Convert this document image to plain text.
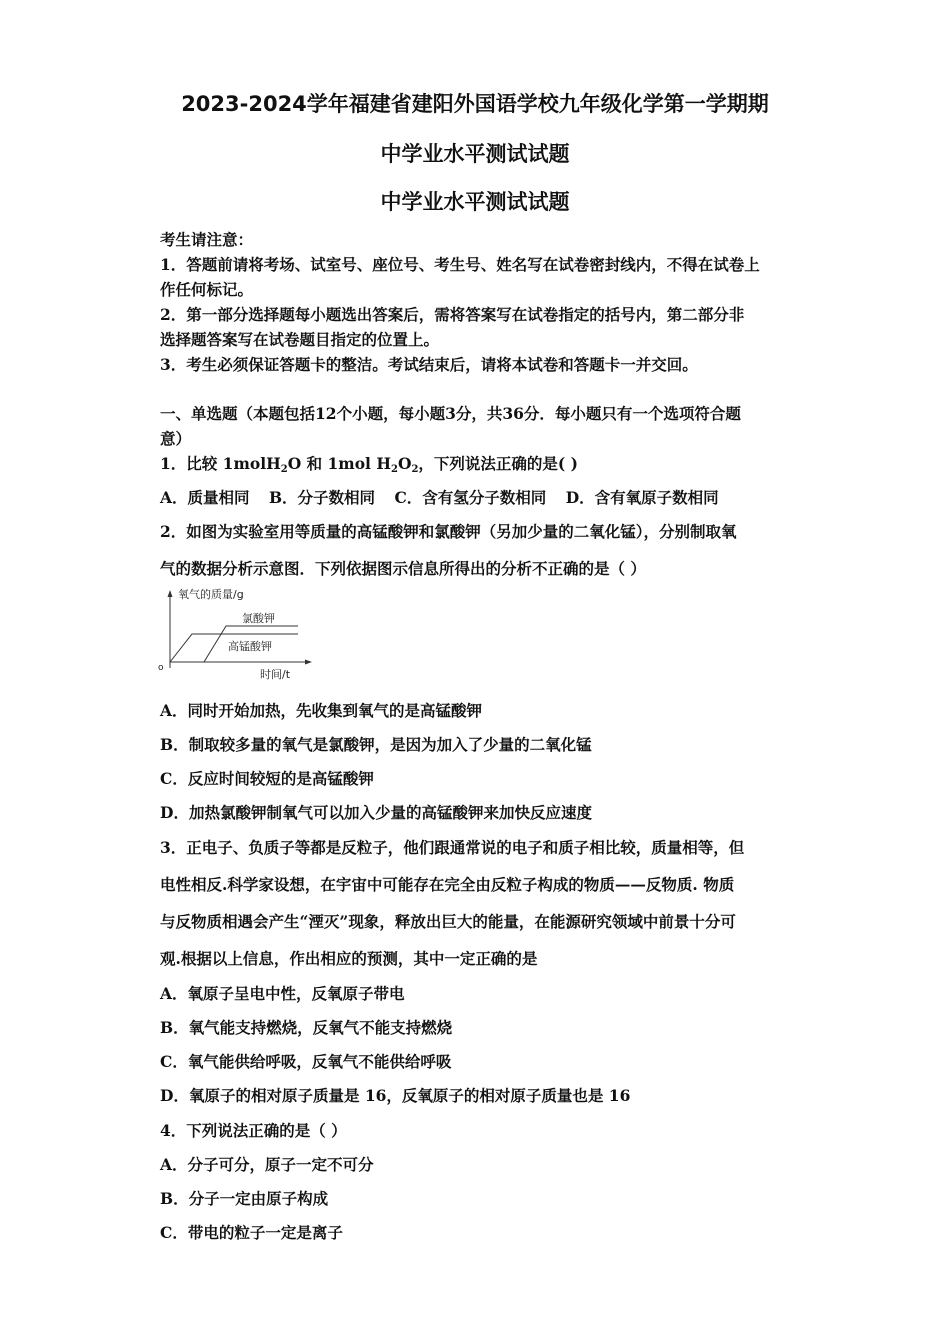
2023-2024学年福建省建阳外国语学校九年级化学第一学期期
中学业水平测试试题
中学业水平测试试题
考生请注意：
1．答题前请将考场、试室号、座位号、考生号、姓名写在试卷密封线内，不得在试卷上
作任何标记。
2．第一部分选择题每小题选出答案后，需将答案写在试卷指定的括号内，第二部分非
选择题答案写在试卷题目指定的位置上。
3．考生必须保证答题卡的整洁。考试结束后，请将本试卷和答题卡一并交回。
一、单选题（本题包括12个小题，每小题3分，共36分．每小题只有一个选项符合题
意）
1．比较 1molH$_2$O 和 1mol $H_2O_2$，下列说法正确的是( )
A．质量相同 B．分子数相同 C．含有氢分子数相同 D．含有氧原子数相同
2．如图为实验室用等质量的高锰酸钾和氯酸钾（另加少量的二氧化锰），分别制取氧
气的数据分析示意图．下列依据图示信息所得出的分析不正确的是（ ）
氧气的质量/g
o	时间/t
氯酸钾
高锰酸钾
A．同时开始加热，先收集到氧气的是高锰酸钾
B．制取较多量的氧气是氯酸钾，是因为加入了少量的二氧化锰
C．反应时间较短的是高锰酸钾
D．加热氯酸钾制氧气可以加入少量的高锰酸钾来加快反应速度
3．正电子、负质子等都是反粒子，他们跟通常说的电子和质子相比较，质量相等，但
电性相反.科学家设想，在宇宙中可能存在完全由反粒子构成的物质——反物质. 物质
与反物质相遇会产生“湮灭”现象，释放出巨大的能量，在能源研究领域中前景十分可
观.根据以上信息，作出相应的预测，其中一定正确的是
A．氧原子呈电中性，反氧原子带电
B．氧气能支持燃烧，反氧气不能支持燃烧
C．氧气能供给呼吸，反氧气不能供给呼吸
D．氧原子的相对原子质量是 16，反氧原子的相对原子质量也是 16
4．下列说法正确的是（ ）
A．分子可分，原子一定不可分
B．分子一定由原子构成
C．带电的粒子一定是离子
